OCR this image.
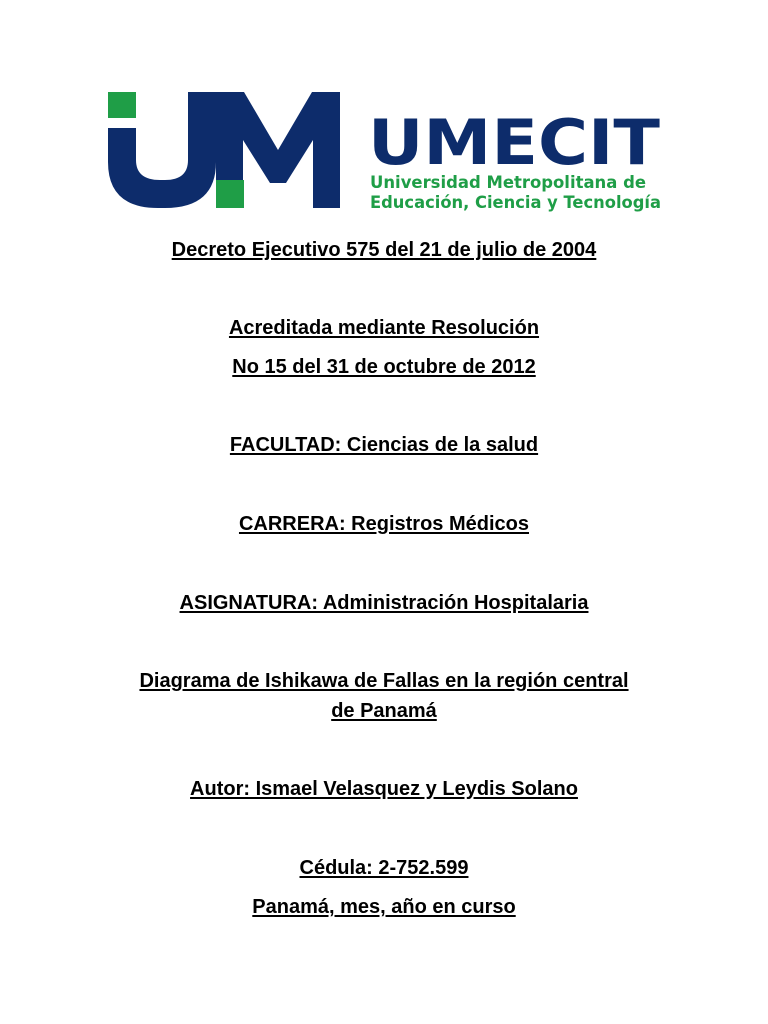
UMECIT
Universidad Metropolitana de
Educación, Ciencia y Tecnología
Decreto Ejecutivo 575 del 21 de julio de 2004
Acreditada mediante Resolución
No 15 del 31 de octubre de 2012
FACULTAD: Ciencias de la salud
CARRERA: Registros Médicos
ASIGNATURA: Administración Hospitalaria
Diagrama de Ishikawa de Fallas en la región central
de Panamá
Autor: Ismael Velasquez y Leydis Solano
Cédula: 2-752.599
Panamá, mes, año en curso
